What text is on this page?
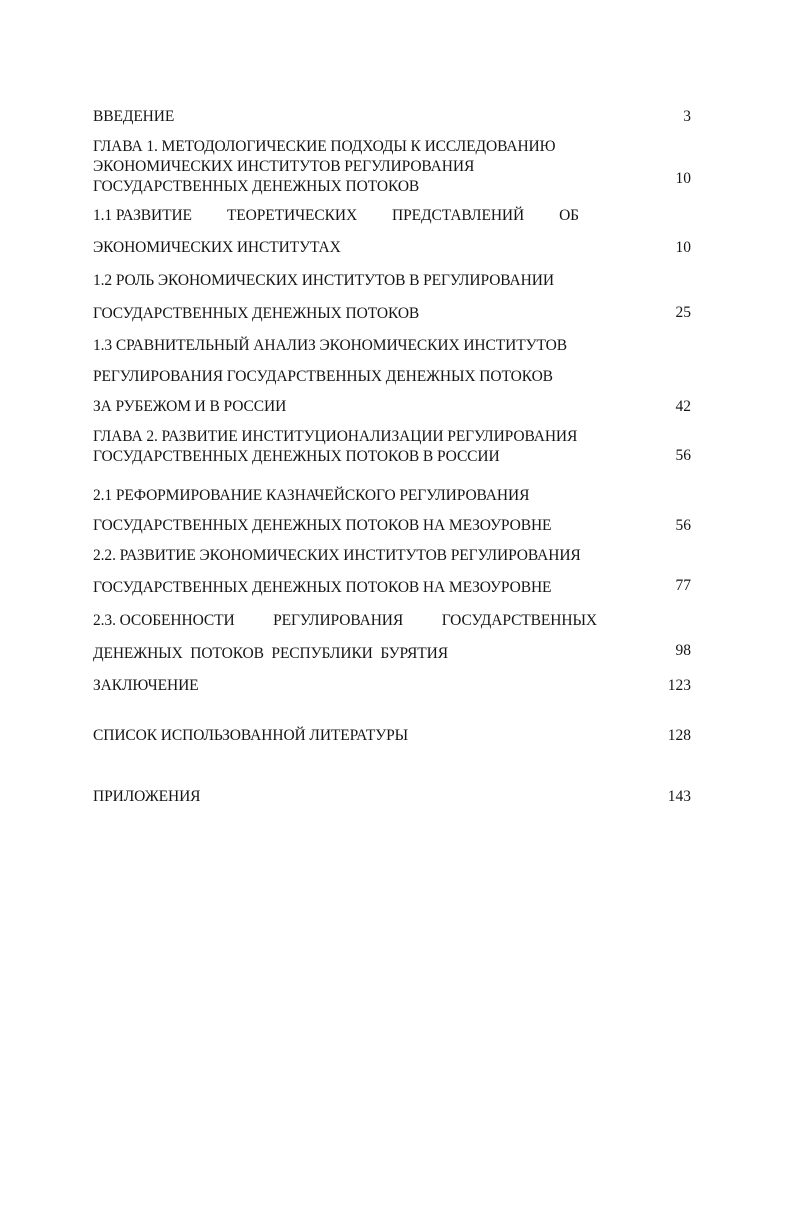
ВВЕДЕНИЕ	3
ГЛАВА 1. МЕТОДОЛОГИЧЕСКИЕ ПОДХОДЫ К ИССЛЕДОВАНИЮ
ЭКОНОМИЧЕСКИХ ИНСТИТУТОВ РЕГУЛИРОВАНИЯ
ГОСУДАРСТВЕННЫХ ДЕНЕЖНЫХ ПОТОКОВ	10
1.1 РАЗВИТИЕ ТЕОРЕТИЧЕСКИХ ПРЕДСТАВЛЕНИЙ ОБ
ЭКОНОМИЧЕСКИХ ИНСТИТУТАХ	10
1.2 РОЛЬ ЭКОНОМИЧЕСКИХ ИНСТИТУТОВ В РЕГУЛИРОВАНИИ
ГОСУДАРСТВЕННЫХ ДЕНЕЖНЫХ ПОТОКОВ	25
1.3 СРАВНИТЕЛЬНЫЙ АНАЛИЗ ЭКОНОМИЧЕСКИХ ИНСТИТУТОВ
РЕГУЛИРОВАНИЯ ГОСУДАРСТВЕННЫХ ДЕНЕЖНЫХ ПОТОКОВ
ЗА РУБЕЖОМ И В РОССИИ	42
ГЛАВА 2. РАЗВИТИЕ ИНСТИТУЦИОНАЛИЗАЦИИ РЕГУЛИРОВАНИЯ
ГОСУДАРСТВЕННЫХ ДЕНЕЖНЫХ ПОТОКОВ В РОССИИ	56
2.1 РЕФОРМИРОВАНИЕ КАЗНАЧЕЙСКОГО РЕГУЛИРОВАНИЯ
ГОСУДАРСТВЕННЫХ ДЕНЕЖНЫХ ПОТОКОВ НА МЕЗОУРОВНЕ	56
2.2. РАЗВИТИЕ ЭКОНОМИЧЕСКИХ ИНСТИТУТОВ РЕГУЛИРОВАНИЯ
ГОСУДАРСТВЕННЫХ ДЕНЕЖНЫХ ПОТОКОВ НА МЕЗОУРОВНЕ	77
2.3. ОСОБЕННОСТИ РЕГУЛИРОВАНИЯ ГОСУДАРСТВЕННЫХ
ДЕНЕЖНЫХ  ПОТОКОВ  РЕСПУБЛИКИ  БУРЯТИЯ	98
ЗАКЛЮЧЕНИЕ	123
СПИСОК ИСПОЛЬЗОВАННОЙ ЛИТЕРАТУРЫ	128
ПРИЛОЖЕНИЯ	143
